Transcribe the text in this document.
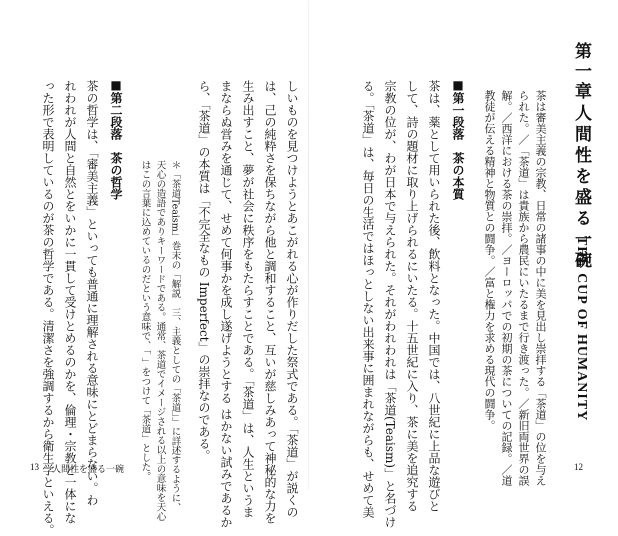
第一章
人間性を盛る一碗
THE CUP OF HUMANITY
茶は審美主義の宗教、日常の諸事の中に美を見出し崇拝する「茶道」の位を与え
られた。／「茶道」は貴族から農民にいたるまで行き渡った。／新旧両世界の誤
解。／西洋における茶の崇拝。／ヨーロッパでの初期の茶についての記録。／道
教徒が伝える精神と物質との闘争。／富と権力を求める現代の闘争。
■第一段落　茶の本質
茶は、薬として用いられた後、飲料となった。中国では、八世紀に上品な遊びと
して、詩の題材に取り上げられるにいたる。十五世紀に入り、茶に美を追究する
宗教の位が、わが日本で与えられた。それがわれわれは「茶道(Teaism)」と名づけ
る。「茶道」は、毎日の生活ではほっとしない出来事に囲まれながらも、せめて美	12
しいものを見つけようとあこがれる心が作りだした祭式である。「茶道」が説くの
は、己の純粋さを保ちながら他と調和すること、互いが慈しみあって神秘的な力を
生み出すこと、夢が社会に秩序をもたらすことである。「茶道」は、人生というま
まならぬ営みを通じて、せめて何事かを成し遂げようとする はかない試みであるか
ら、「茶道」の本質は「不完全なもの Imperfect」の崇拝なのである。
＊「茶道Teaism」巻末の「解説　三、主義としての「茶道」」に詳述するように、
天心の造語でありキーワードである。通常、茶道でイメージされる以上の意味を天心
はこの言葉に込めているのだという意味で、「 」をつけて「茶道」とした。
■第二段落　茶の哲学
茶の哲学は、「審美主義」といっても普通に理解される意味にとどまらない。わ
れわれが人間と自然とをいかに一貫して受けとめるのかを、倫理・宗教と一体にな
った形で表明しているのが茶の哲学である。清潔さを強調するから衛生学といえる。
13 人間性を盛る一碗
